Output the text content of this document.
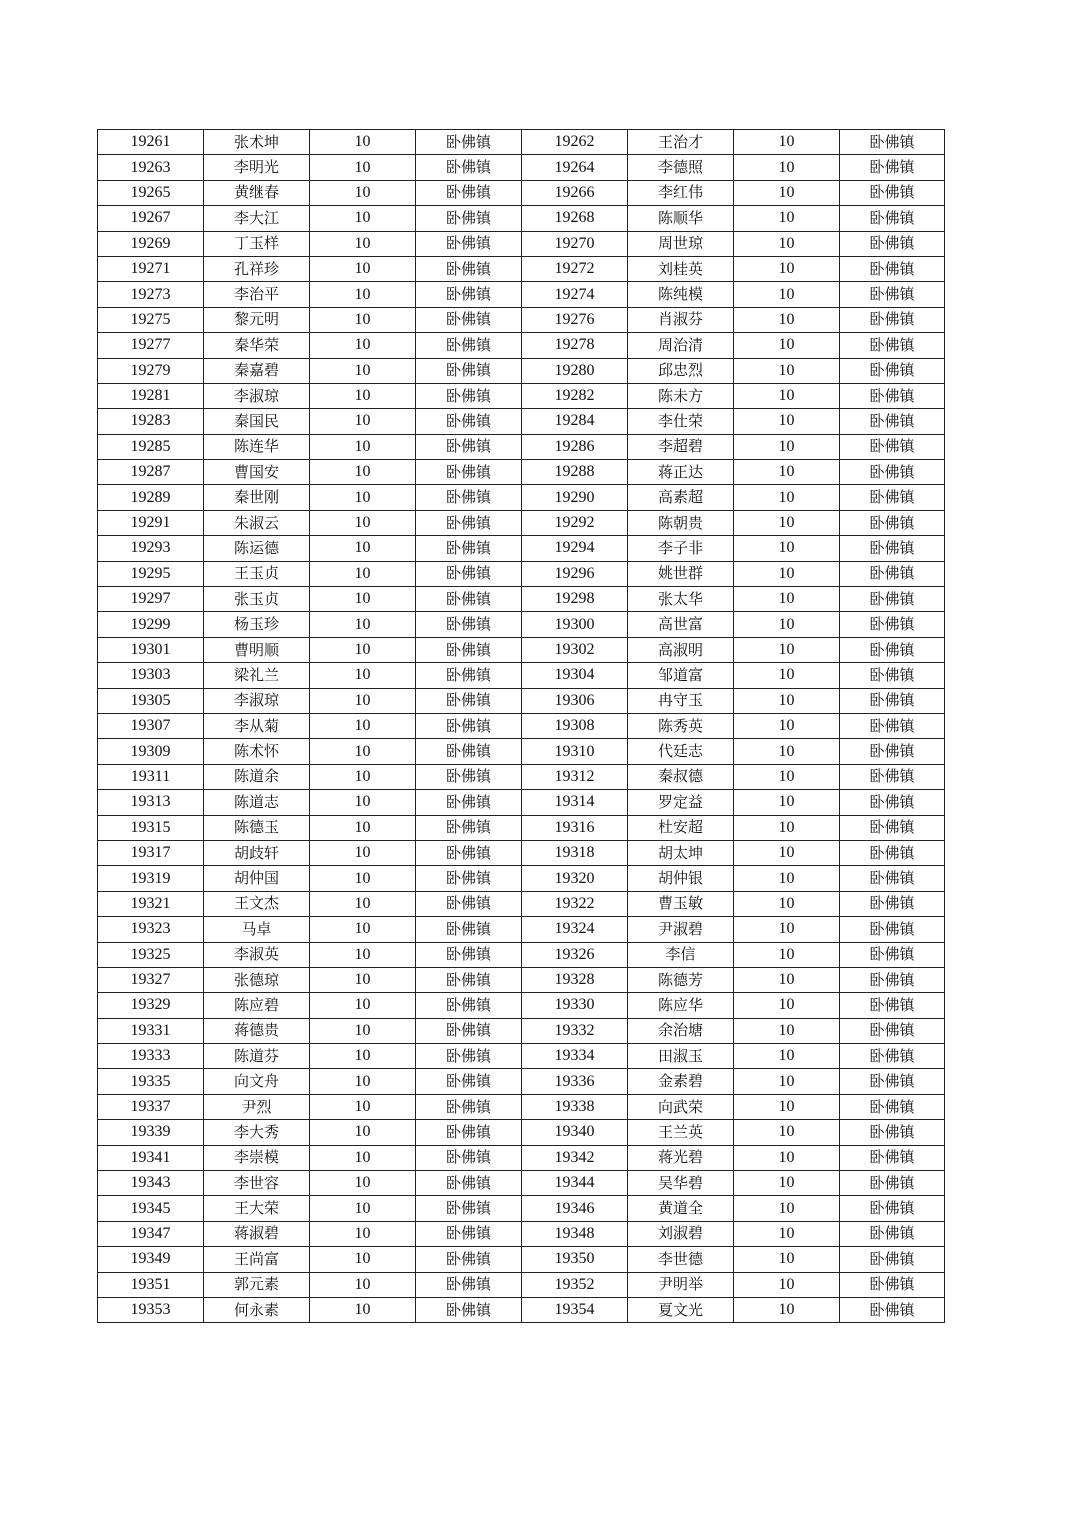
19261	张术坤	10	卧佛镇	19262	王治才	10	卧佛镇
19263	李明光	10	卧佛镇	19264	李德照	10	卧佛镇
19265	黄继春	10	卧佛镇	19266	李红伟	10	卧佛镇
19267	李大江	10	卧佛镇	19268	陈顺华	10	卧佛镇
19269	丁玉样	10	卧佛镇	19270	周世琼	10	卧佛镇
19271	孔祥珍	10	卧佛镇	19272	刘桂英	10	卧佛镇
19273	李治平	10	卧佛镇	19274	陈纯模	10	卧佛镇
19275	黎元明	10	卧佛镇	19276	肖淑芬	10	卧佛镇
19277	秦华荣	10	卧佛镇	19278	周治清	10	卧佛镇
19279	秦嘉碧	10	卧佛镇	19280	邱忠烈	10	卧佛镇
19281	李淑琼	10	卧佛镇	19282	陈未方	10	卧佛镇
19283	秦国民	10	卧佛镇	19284	李仕荣	10	卧佛镇
19285	陈连华	10	卧佛镇	19286	李超碧	10	卧佛镇
19287	曹国安	10	卧佛镇	19288	蒋正达	10	卧佛镇
19289	秦世刚	10	卧佛镇	19290	高素超	10	卧佛镇
19291	朱淑云	10	卧佛镇	19292	陈朝贵	10	卧佛镇
19293	陈运德	10	卧佛镇	19294	李子非	10	卧佛镇
19295	王玉贞	10	卧佛镇	19296	姚世群	10	卧佛镇
19297	张玉贞	10	卧佛镇	19298	张太华	10	卧佛镇
19299	杨玉珍	10	卧佛镇	19300	高世富	10	卧佛镇
19301	曹明顺	10	卧佛镇	19302	高淑明	10	卧佛镇
19303	梁礼兰	10	卧佛镇	19304	邹道富	10	卧佛镇
19305	李淑琼	10	卧佛镇	19306	冉守玉	10	卧佛镇
19307	李从菊	10	卧佛镇	19308	陈秀英	10	卧佛镇
19309	陈术怀	10	卧佛镇	19310	代廷志	10	卧佛镇
19311	陈道余	10	卧佛镇	19312	秦叔德	10	卧佛镇
19313	陈道志	10	卧佛镇	19314	罗定益	10	卧佛镇
19315	陈德玉	10	卧佛镇	19316	杜安超	10	卧佛镇
19317	胡歧轩	10	卧佛镇	19318	胡太坤	10	卧佛镇
19319	胡仲国	10	卧佛镇	19320	胡仲银	10	卧佛镇
19321	王文杰	10	卧佛镇	19322	曹玉敏	10	卧佛镇
19323	马卓	10	卧佛镇	19324	尹淑碧	10	卧佛镇
19325	李淑英	10	卧佛镇	19326	李信	10	卧佛镇
19327	张德琼	10	卧佛镇	19328	陈德芳	10	卧佛镇
19329	陈应碧	10	卧佛镇	19330	陈应华	10	卧佛镇
19331	蒋德贵	10	卧佛镇	19332	余治塘	10	卧佛镇
19333	陈道芬	10	卧佛镇	19334	田淑玉	10	卧佛镇
19335	向文舟	10	卧佛镇	19336	金素碧	10	卧佛镇
19337	尹烈	10	卧佛镇	19338	向武荣	10	卧佛镇
19339	李大秀	10	卧佛镇	19340	王兰英	10	卧佛镇
19341	李崇模	10	卧佛镇	19342	蒋光碧	10	卧佛镇
19343	李世容	10	卧佛镇	19344	吴华碧	10	卧佛镇
19345	王大荣	10	卧佛镇	19346	黄道全	10	卧佛镇
19347	蒋淑碧	10	卧佛镇	19348	刘淑碧	10	卧佛镇
19349	王尚富	10	卧佛镇	19350	李世德	10	卧佛镇
19351	郭元素	10	卧佛镇	19352	尹明举	10	卧佛镇
19353	何永素	10	卧佛镇	19354	夏文光	10	卧佛镇
